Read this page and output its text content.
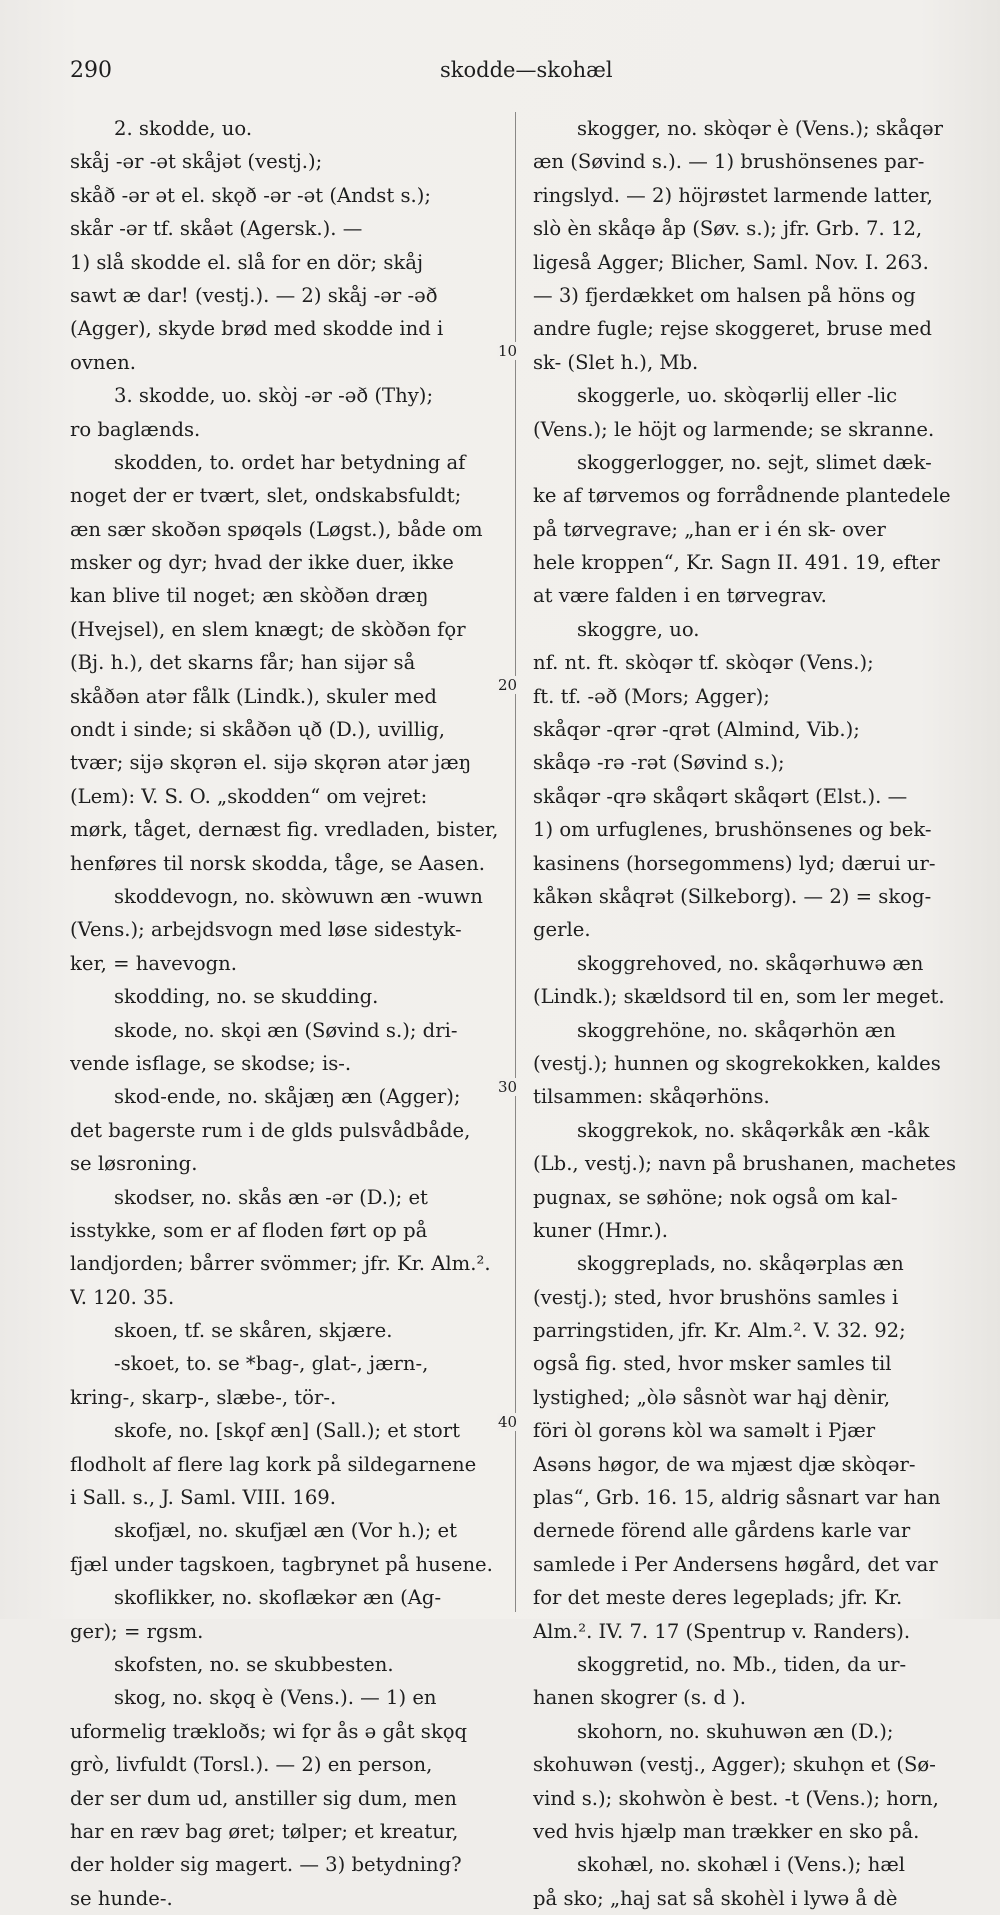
290	skodde—skohæl
2. skodde, uo.
skåj -ər -ət skåjət (vestj.);
skåð -ər ət el. skǫð -ər -ət (Andst s.);
skår -ər tf. skåət (Agersk.). —
1) slå skodde el. slå for en dör; skåj
sawt æ dar! (vestj.). — 2) skåj -ər -əð
(Agger), skyde brød med skodde ind i
ovnen.
3. skodde, uo. skòj -ər -əð (Thy);
ro baglænds.
skodden, to. ordet har betydning af
noget der er tvært, slet, ondskabsfuldt;
æn sær skoðən spøqəls (Løgst.), både om
msker og dyr; hvad der ikke duer, ikke
kan blive til noget; æn skòðən dræŋ
(Hvejsel), en slem knægt; de skòðən fǫr
(Bj. h.), det skarns får; han sijər så
skåðən atər fålk (Lindk.), skuler med
ondt i sinde; si skåðən ųð (D.), uvillig,
tvær; sijə skǫrən el. sijə skǫrən atər jæŋ
(Lem): V. S. O. „skodden“ om vejret:
mørk, tåget, dernæst fig. vredladen, bister,
henføres til norsk skodda, tåge, se Aasen.
skoddevogn, no. skòwuwn æn -wuwn
(Vens.); arbejdsvogn med løse sidestyk-
ker, = havevogn.
skodding, no. se skudding.
skode, no. skǫi æn (Søvind s.); dri-
vende isflage, se skodse; is-.
skod-ende, no. skåjæŋ æn (Agger);
det bagerste rum i de glds pulsvådbåde,
se løsroning.
skodser, no. skås æn -ər (D.); et
isstykke, som er af floden ført op på
landjorden; bårrer svömmer; jfr. Kr. Alm.².
V. 120. 35.
skoen, tf. se skåren, skjære.
-skoet, to. se *bag-, glat-, jærn-,
kring-, skarp-, slæbe-, tör-.
skofe, no. [skǫf æn] (Sall.); et stort
flodholt af flere lag kork på sildegarnene
i Sall. s., J. Saml. VIII. 169.
skofjæl, no. skufjæl æn (Vor h.); et
fjæl under tagskoen, tagbrynet på husene.
skoflikker, no. skoflækər æn (Ag-
ger); = rgsm.
skofsten, no. se skubbesten.
skog, no. skǫq è (Vens.). — 1) en
uformelig trækloðs; wi fǫr ås ə gåt skǫq
grò, livfuldt (Torsl.). — 2) en person,
der ser dum ud, anstiller sig dum, men
har en ræv bag øret; tølper; et kreatur,
der holder sig magert. — 3) betydning?
se hunde-.
skogger, no. skòqər è (Vens.); skåqər
æn (Søvind s.). — 1) brushönsenes par-
ringslyd. — 2) höjrøstet larmende latter,
slò èn skåqə åp (Søv. s.); jfr. Grb. 7. 12,
ligeså Agger; Blicher, Saml. Nov. I. 263.
— 3) fjerdækket om halsen på höns og
andre fugle; rejse skoggeret, bruse med
sk- (Slet h.), Mb.
skoggerle, uo. skòqərlij eller -lic
(Vens.); le höjt og larmende; se skranne.
skoggerlogger, no. sejt, slimet dæk-
ke af tørvemos og forrådnende plantedele
på tørvegrave; „han er i én sk- over
hele kroppen“, Kr. Sagn II. 491. 19, efter
at være falden i en tørvegrav.
skoggre, uo.
nf. nt. ft. skòqər tf. skòqər (Vens.);
ft. tf. -əð (Mors; Agger);
skåqər -qrər -qrət (Almind, Vib.);
skåqə -rə -rət (Søvind s.);
skåqər -qrə skåqərt skåqərt (Elst.). —
1) om urfuglenes, brushönsenes og bek-
kasinens (horsegommens) lyd; dærui ur-
kåkən skåqrət (Silkeborg). — 2) = skog-
gerle.
skoggrehoved, no. skåqərhuwə æn
(Lindk.); skældsord til en, som ler meget.
skoggrehöne, no. skåqərhön æn
(vestj.); hunnen og skogrekokken, kaldes
tilsammen: skåqərhöns.
skoggrekok, no. skåqərkåk æn -kåk
(Lb., vestj.); navn på brushanen, machetes
pugnax, se søhöne; nok også om kal-
kuner (Hmr.).
skoggreplads, no. skåqərplas æn
(vestj.); sted, hvor brushöns samles i
parringstiden, jfr. Kr. Alm.². V. 32. 92;
også fig. sted, hvor msker samles til
lystighed; „òlə såsnòt war hąj dènir,
föri òl gorəns kòl wa saməlt i Pjær
Asəns høgor, de wa mjæst djæ skòqər-
plas“, Grb. 16. 15, aldrig såsnart var han
dernede förend alle gårdens karle var
samlede i Per Andersens høgård, det var
for det meste deres legeplads; jfr. Kr.
Alm.². IV. 7. 17 (Spentrup v. Randers).
skoggretid, no. Mb., tiden, da ur-
hanen skogrer (s. d ).
skohorn, no. skuhuwən æn (D.);
skohuwən (vestj., Agger); skuhǫn et (Sø-
vind s.); skohwòn è best. -t (Vens.); horn,
ved hvis hjælp man trækker en sko på.
skohæl, no. skohæl i (Vens.); hæl
på sko; „haj sat så skohèl i lywə å dè
10
20
30
40
